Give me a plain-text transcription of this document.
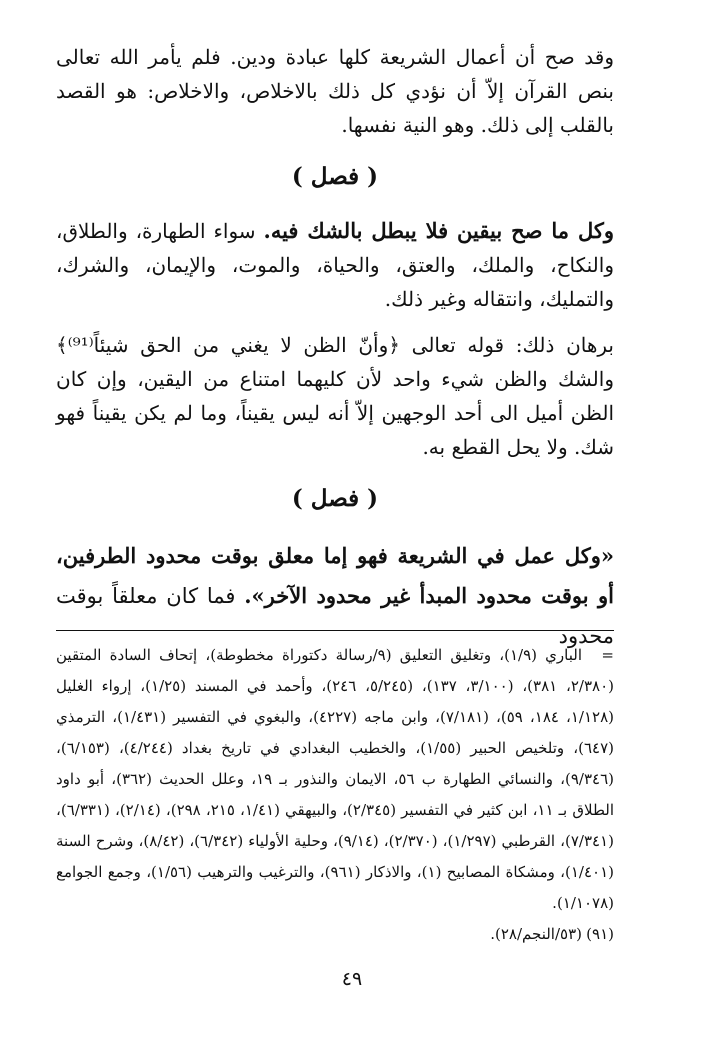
وقد صح أن أعمال الشريعة كلها عبادة ودين. فلم يأمر الله تعالى بنص القرآن إلاّ أن نؤدي كل ذلك بالاخلاص، والاخلاص: هو القصد بالقلب إلى ذلك. وهو النية نفسها.

( فصل )

وكل ما صح بيقين فلا يبطل بالشك فيه. سواء الطهارة، والطلاق، والنكاح، والملك، والعتق، والحياة، والموت، والإيمان، والشرك، والتمليك، وانتقاله وغير ذلك.

برهان ذلك: قوله تعالى ﴿وأنّ الظن لا يغني من الحق شيئاً⁽⁹¹⁾﴾ والشك والظن شيء واحد لأن كليهما امتناع من اليقين، وإن كان الظن أميل الى أحد الوجهين إلاّ أنه ليس يقيناً، وما لم يكن يقيناً فهو شك. ولا يحل القطع به.

( فصل )

«وكل عمل في الشريعة فهو إما معلق بوقت محدود الطرفين، أو بوقت محدود المبدأ غير محدود الآخر». فما كان معلقاً بوقت محدود

=الباري (١/٩)، وتغليق التعليق (٩/رسالة دكتوراة مخطوطة)، إتحاف السادة المتقين (٢/٣٨٠، ٣٨١)، (٣/١٠٠، ١٣٧)، (٥/٢٤٥، ٢٤٦)، وأحمد في المسند (١/٢٥)، إرواء الغليل (١/١٢٨، ١٨٤، ٥٩)، (٧/١٨١)، وابن ماجه (٤٢٢٧)، والبغوي في التفسير (١/٤٣١)، الترمذي (٦٤٧)، وتلخيص الحبير (١/٥٥)، والخطيب البغدادي في تاريخ بغداد (٤/٢٤٤)، (٦/١٥٣)، (٩/٣٤٦)، والنسائي الطهارة ب ٥٦، الايمان والنذور بـ ١٩، وعلل الحديث (٣٦٢)، أبو داود الطلاق بـ ١١، ابن كثير في التفسير (٢/٣٤٥)، والبيهقي (١/٤١، ٢١٥، ٢٩٨)، (٢/١٤)، (٦/٣٣١)، (٧/٣٤١)، القرطبي (١/٢٩٧)، (٢/٣٧٠)، (٩/١٤)، وحلية الأولياء (٦/٣٤٢)، (٨/٤٢)، وشرح السنة (١/٤٠١)، ومشكاة المصابيح (١)، والاذكار (٩٦١)، والترغيب والترهيب (١/٥٦)، وجمع الجوامع (١/١٠٧٨).

(٩١)(٥٣/النجم/٢٨).

٤٩
